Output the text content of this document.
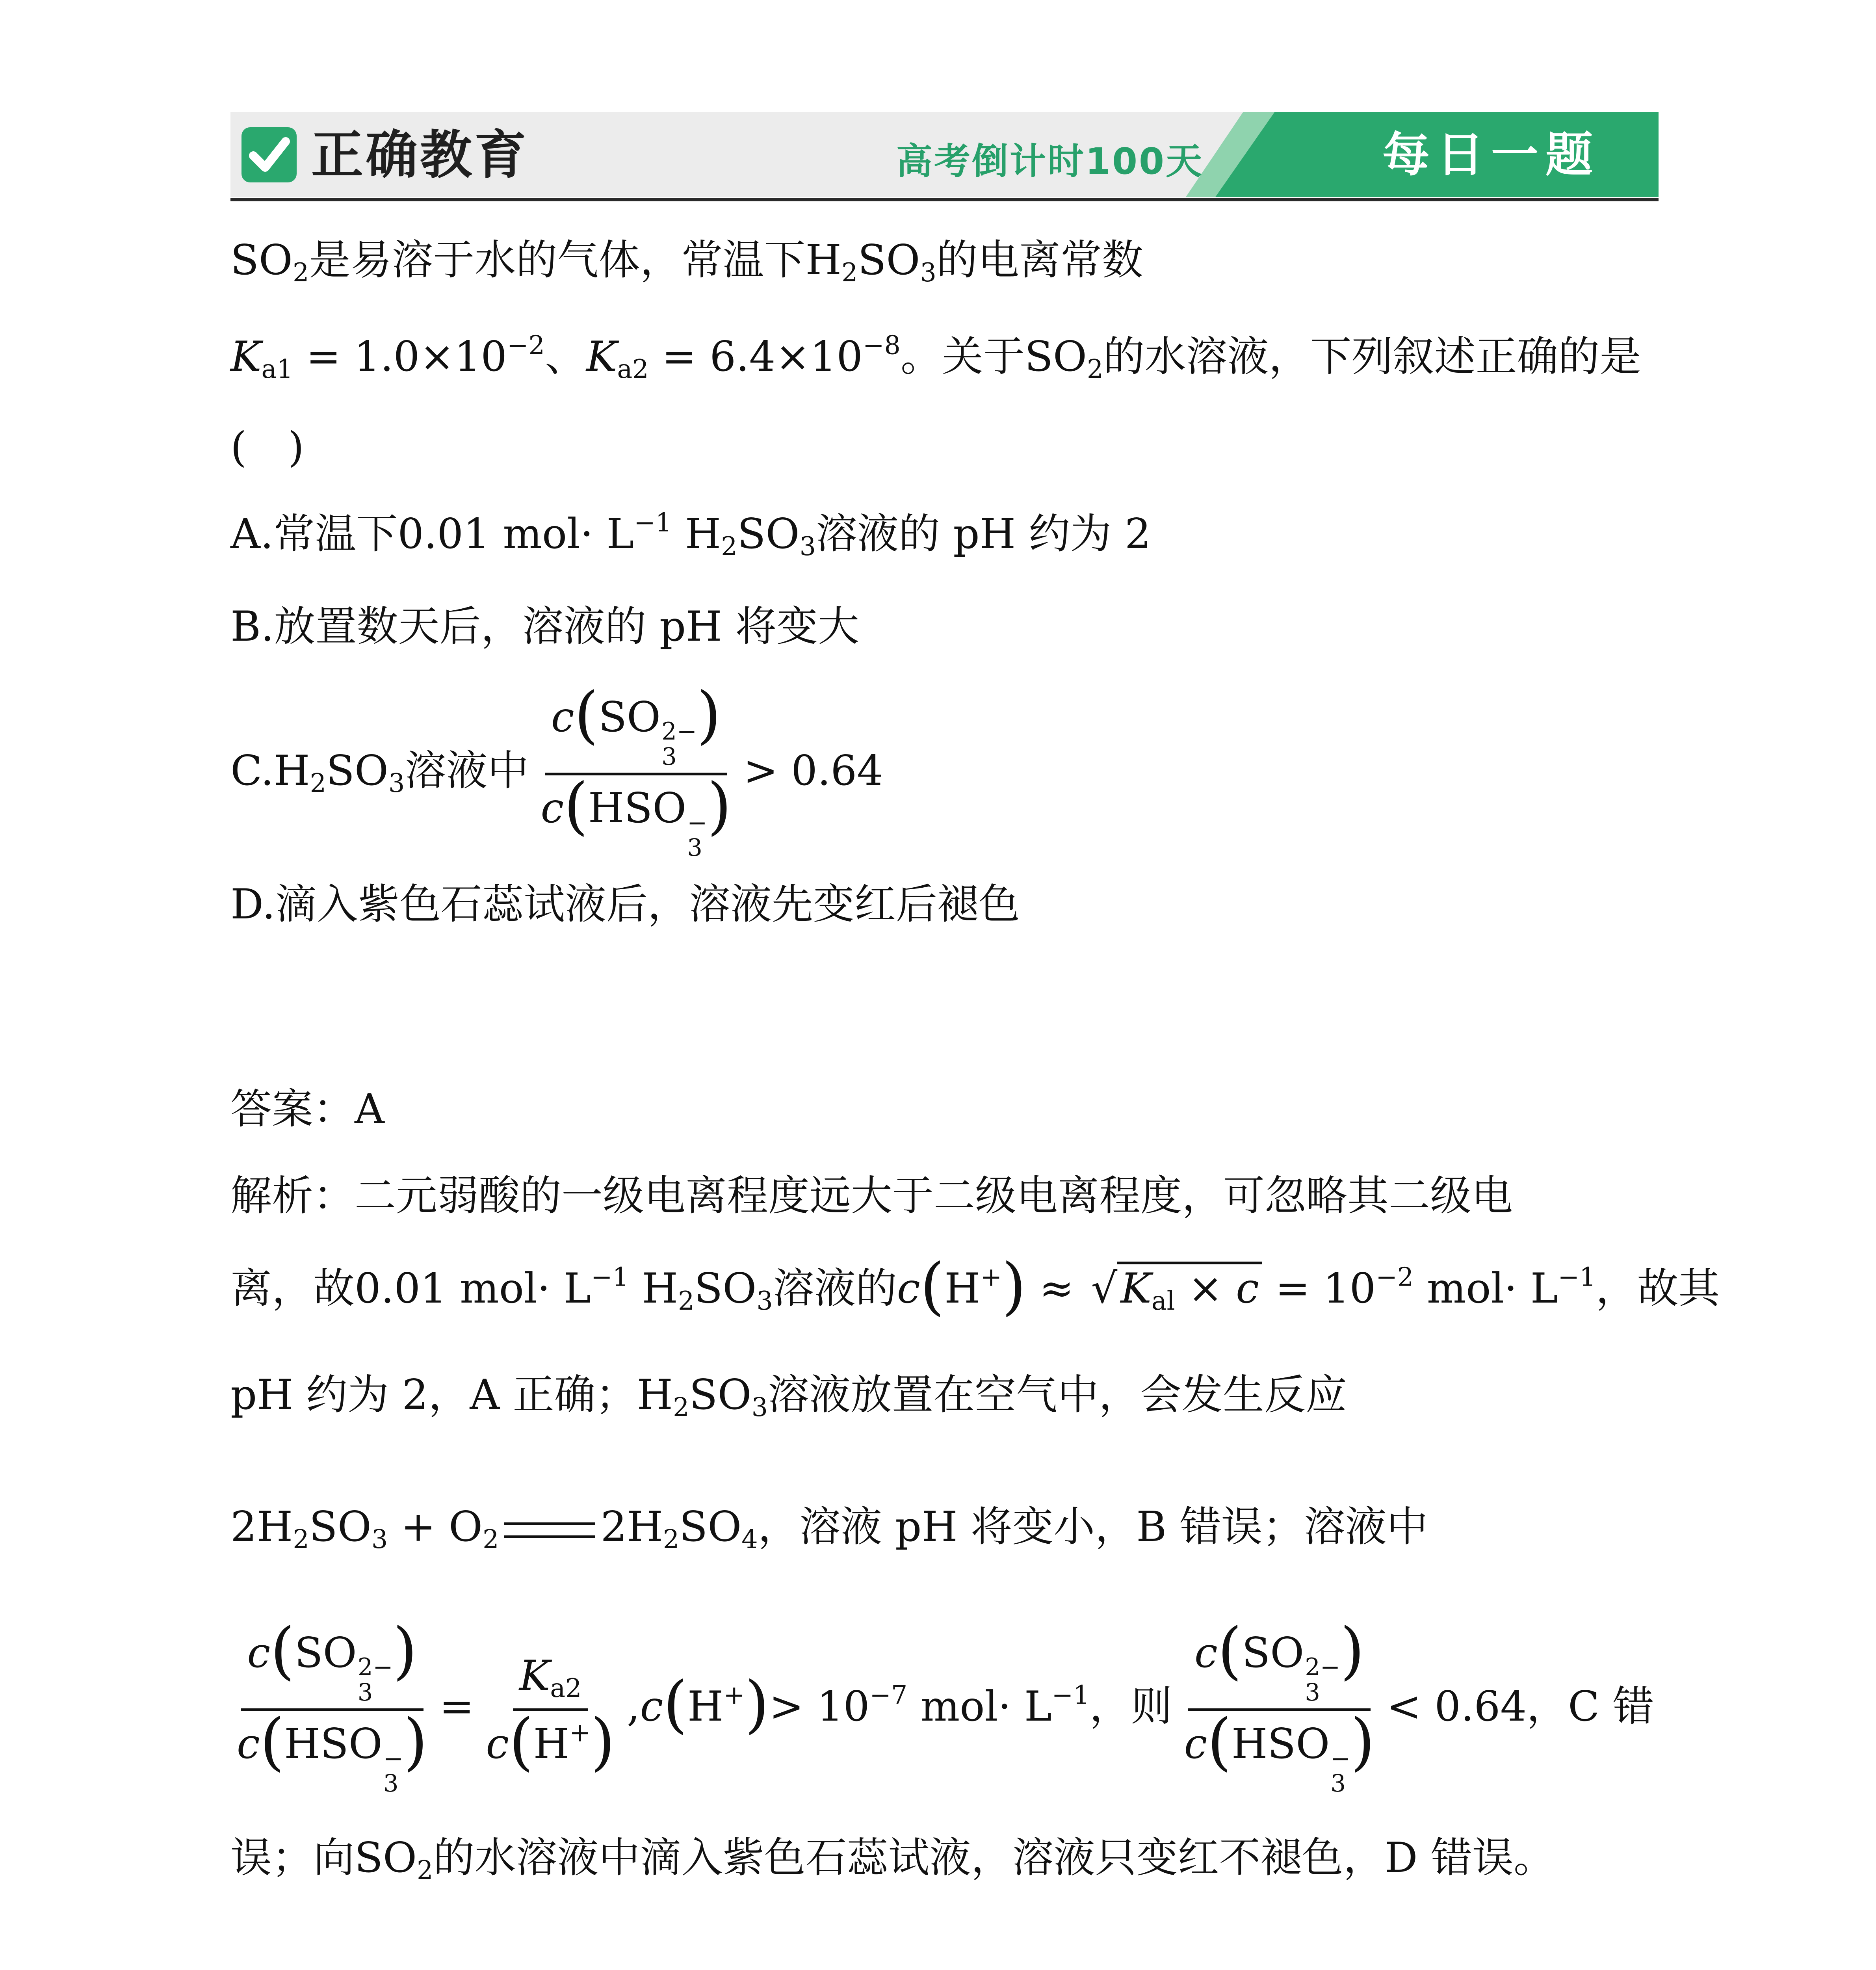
正确教育	高考倒计时100天	每日一题
$SO_2$是易溶于水的气体，常温下$H_2SO_3$的电离常数
$K_{a1} = 1.0\times 10^{-2}$、$K_{a2} = 6.4\times 10^{-8}$。关于$SO_2$的水溶液，下列叙述正确的是
(　)
A.常温下0.01 $mol\cdot L^{-1}$ $H_2SO_3$溶液的 pH 约为 2
B.放置数天后，溶液的 pH 将变大
$C.H_2SO_3$溶液中 c(SO 2−
3
)
c(HSO −
3
) > 0.64
D.滴入紫色石蕊试液后，溶液先变红后褪色
答案：A
解析：二元弱酸的一级电离程度远大于二级电离程度，可忽略其二级电
离，故0.01 $mol\cdot L^{-1}$ $H_2SO_3$溶液的$c(H^+) \approx √K_{al} \times c = 10^{-2}$ $mol\cdot L^{-1}$，故其
pH 约为 2，A 正确；$H_2SO_3$溶液放置在空气中，会发生反应
$2H_2SO_3 + O_2$ $2H_2SO_4$，溶液 pH 将变小，B 错误；溶液中
c(SO 2−
3
)
c(HSO −
3
) = $\frac{K_{a2}}{c(H^+)} ,c(H^+)> 10^{-7}$ $mol\cdot L^{-1}$，则 c(SO 2−
3
)
c(HSO −
3
) < 0.64，C 错
误；向$SO_2$的水溶液中滴入紫色石蕊试液，溶液只变红不褪色，D 错误。
